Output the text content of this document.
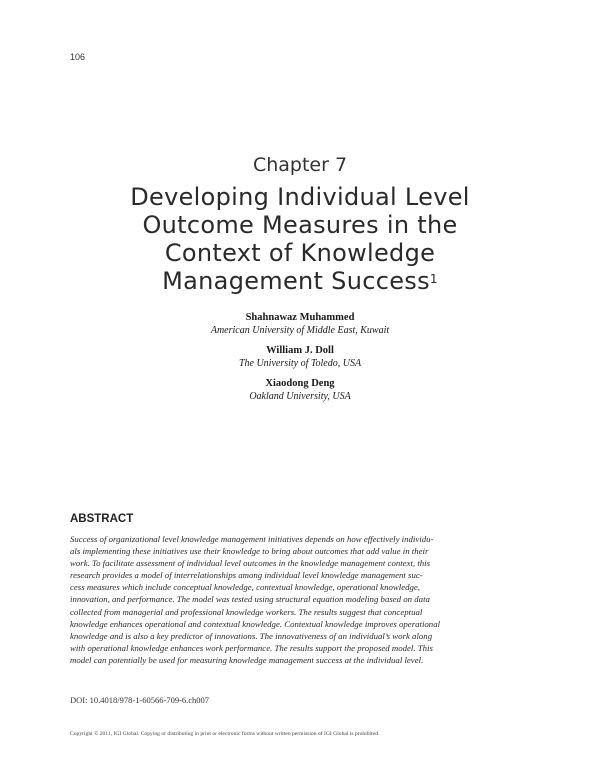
106
Chapter 7
Developing Individual Level
Outcome Measures in the
Context of Knowledge
Management Success$^1$
Shahnawaz Muhammed
American University of Middle East, Kuwait
William J. Doll
The University of Toledo, USA
Xiaodong Deng
Oakland University, USA
ABSTRACT
Success of organizational level knowledge management initiatives depends on how effectively individu-
als implementing these initiatives use their knowledge to bring about outcomes that add value in their
work. To facilitate assessment of individual level outcomes in the knowledge management context, this
research provides a model of interrelationships among individual level knowledge management suc-
cess measures which include conceptual knowledge, contextual knowledge, operational knowledge,
innovation, and performance. The model was tested using structural equation modeling based on data
collected from managerial and professional knowledge workers. The results suggest that conceptual
knowledge enhances operational and contextual knowledge. Contextual knowledge improves operational
knowledge and is also a key predictor of innovations. The innovativeness of an individual’s work along
with operational knowledge enhances work performance. The results support the proposed model. This
model can potentially be used for measuring knowledge management success at the individual level.
DOI: 10.4018/978-1-60566-709-6.ch007
Copyright © 2011, IGI Global. Copying or distributing in print or electronic forms without written permission of IGI Global is prohibited.
